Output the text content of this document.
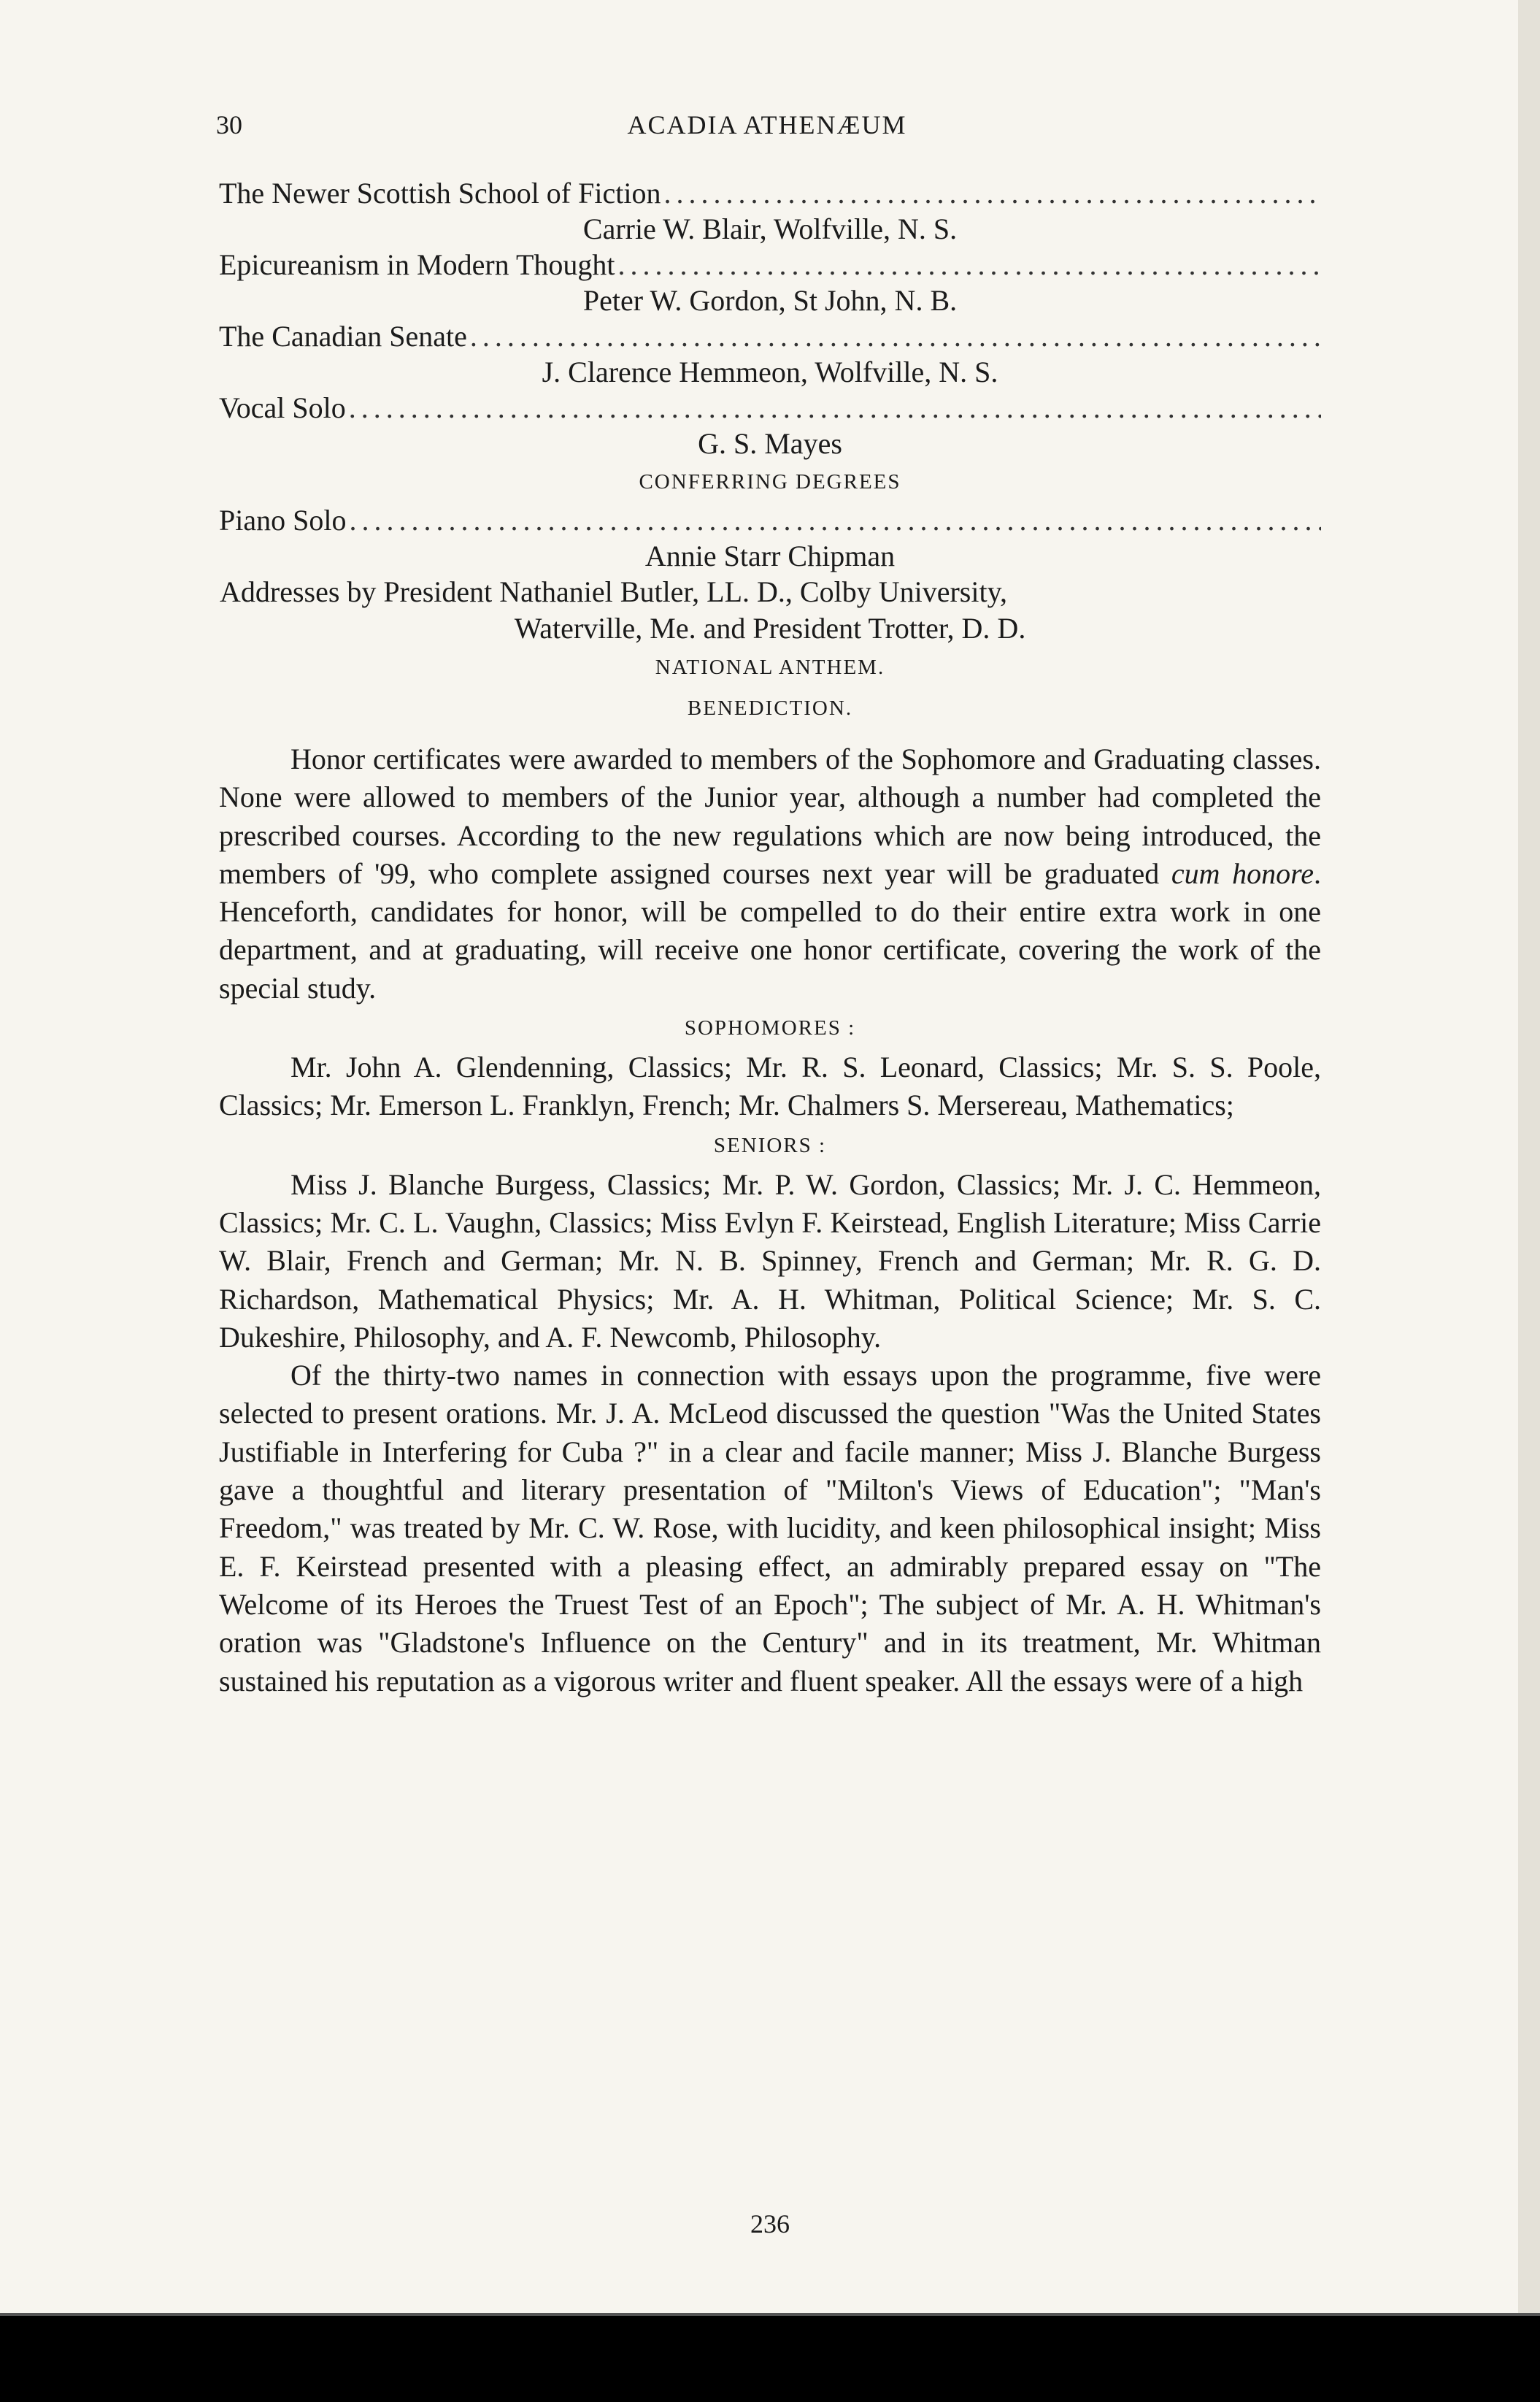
30	ACADIA ATHENÆUM
The Newer Scottish School of Fiction
.....
Carrie W. Blair, Wolfville, N. S.
Epicureanism in Modern Thought
.....
Peter W. Gordon, St John, N. B.
The Canadian Senate
.....
J. Clarence Hemmeon, Wolfville, N. S.
Vocal Solo
.....
G. S. Mayes
CONFERRING DEGREES
Piano Solo
.....
Annie Starr Chipman
Addresses by President Nathaniel Butler, LL. D., Colby University,
Waterville, Me. and President Trotter, D. D.
NATIONAL ANTHEM.
BENEDICTION.

Honor certificates were awarded to members of the Sophomore and Graduating classes. None were allowed to members of the Junior year, although a number had completed the prescribed courses. According to the new regulations which are now being introduced, the members of '99, who complete assigned courses next year will be graduated cum honore. Henceforth, candidates for honor, will be compelled to do their entire extra work in one department, and at graduating, will receive one honor certificate, covering the work of the special study.

SOPHOMORES :

Mr. John A. Glendenning, Classics; Mr. R. S. Leonard, Classics; Mr. S. S. Poole, Classics; Mr. Emerson L. Franklyn, French; Mr. Chalmers S. Mersereau, Mathematics;

SENIORS :

Miss J. Blanche Burgess, Classics; Mr. P. W. Gordon, Classics; Mr. J. C. Hemmeon, Classics; Mr. C. L. Vaughn, Classics; Miss Evlyn F. Keirstead, English Literature; Miss Carrie W. Blair, French and German; Mr. N. B. Spinney, French and German; Mr. R. G. D. Richardson, Mathematical Physics; Mr. A. H. Whitman, Political Science; Mr. S. C. Dukeshire, Philosophy, and A. F. Newcomb, Philosophy.

Of the thirty-two names in connection with essays upon the programme, five were selected to present orations. Mr. J. A. McLeod discussed the question "Was the United States Justifiable in Interfering for Cuba ?" in a clear and facile manner; Miss J. Blanche Burgess gave a thoughtful and literary presentation of "Milton's Views of Education"; "Man's Freedom," was treated by Mr. C. W. Rose, with lucidity, and keen philosophical insight; Miss E. F. Keirstead presented with a pleasing effect, an admirably prepared essay on "The Welcome of its Heroes the Truest Test of an Epoch"; The subject of Mr. A. H. Whitman's oration was "Gladstone's Influence on the Century" and in its treatment, Mr. Whitman sustained his reputation as a vigorous writer and fluent speaker. All the essays were of a high

236
